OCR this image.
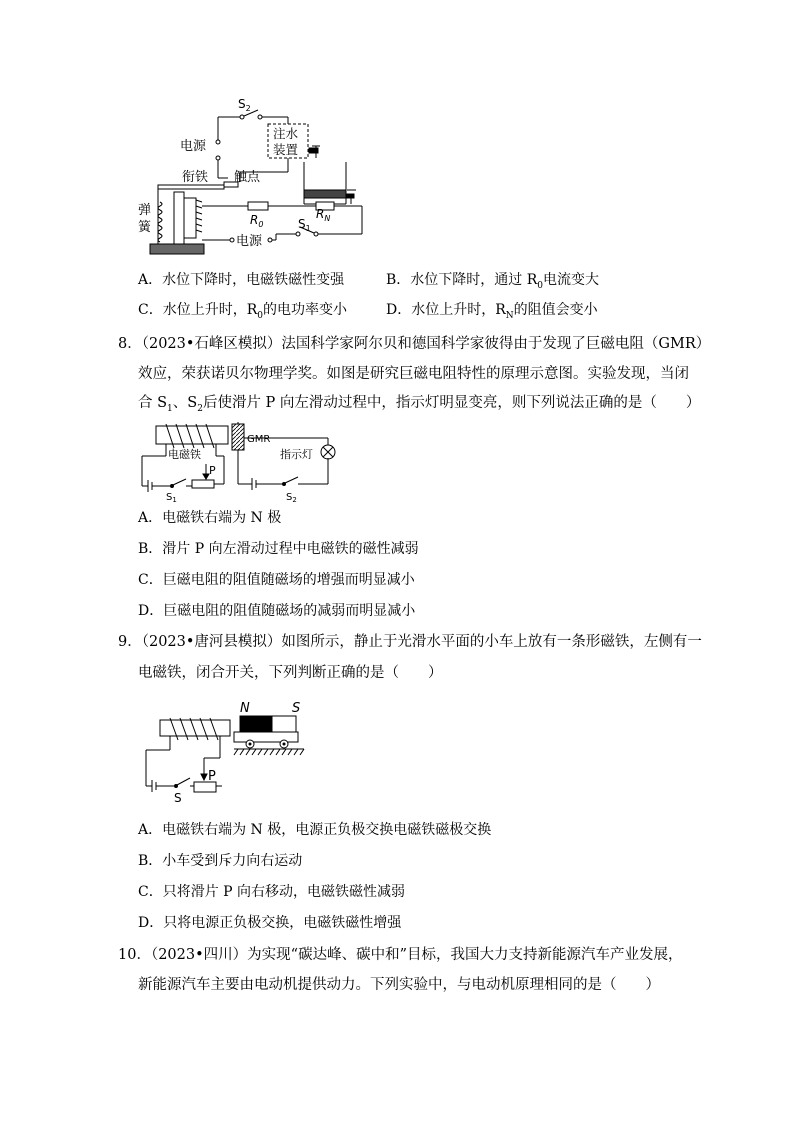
$S_2$
电源
注水
装置
衔铁 触点
弹
簧	$R_0$
$R_N$
电源
$S_1$
A．水位下降时，电磁铁磁性变强	B．水位下降时，通过 $R_0$电流变大
C．水位上升时，$R_0$的电功率变小	D．水位上升时，$R_N$的阻值会变小
8．（2023•石峰区模拟）法国科学家阿尔贝和德国科学家彼得由于发现了巨磁电阻（GMR）
效应，荣获诺贝尔物理学奖。如图是研究巨磁电阻特性的原理示意图。实验发现，当闭
合 $S_1$、$S_2$后使滑片 P 向左滑动过程中，指示灯明显变亮，则下列说法正确的是（　　）
电磁铁
GMR
指示灯
P
$S_1$	$S_2$
A．电磁铁右端为 N 极
B．滑片 P 向左滑动过程中电磁铁的磁性减弱
C．巨磁电阻的阻值随磁场的增强而明显减小
D．巨磁电阻的阻值随磁场的减弱而明显减小
9．（2023•唐河县模拟）如图所示，静止于光滑水平面的小车上放有一条形磁铁，左侧有一
电磁铁，闭合开关，下列判断正确的是（　　）
N	S
P
S
A．电磁铁右端为 N 极，电源正负极交换电磁铁磁极交换
B．小车受到斥力向右运动
C．只将滑片 P 向右移动，电磁铁磁性减弱
D．只将电源正负极交换，电磁铁磁性增强
10．（2023•四川）为实现“碳达峰、碳中和”目标，我国大力支持新能源汽车产业发展，
新能源汽车主要由电动机提供动力。下列实验中，与电动机原理相同的是（　　）
